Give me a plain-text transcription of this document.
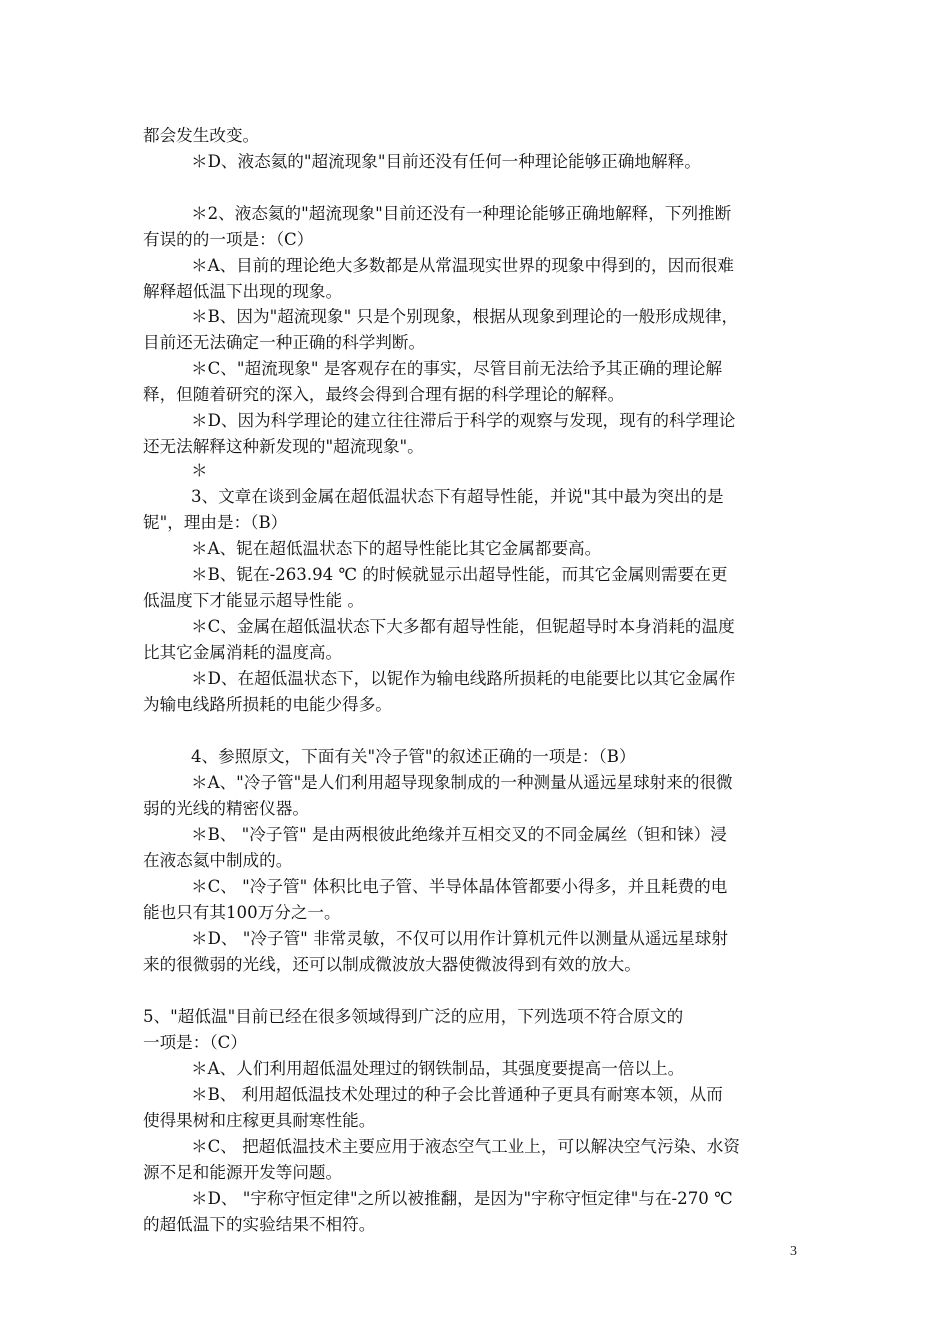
都会发生改变。
＊D、液态氦的"超流现象"目前还没有任何一种理论能够正确地解释。
＊2、液态氦的"超流现象"目前还没有一种理论能够正确地解释，下列推断
有误的的一项是：（C）
＊A、目前的理论绝大多数都是从常温现实世界的现象中得到的，因而很难
解释超低温下出现的现象。
＊B、因为"超流现象" 只是个别现象，根据从现象到理论的一般形成规律，
目前还无法确定一种正确的科学判断。
＊C、"超流现象" 是客观存在的事实，尽管目前无法给予其正确的理论解
释，但随着研究的深入，最终会得到合理有据的科学理论的解释。
＊D、因为科学理论的建立往往滞后于科学的观察与发现，现有的科学理论
还无法解释这种新发现的"超流现象"。
＊
3、文章在谈到金属在超低温状态下有超导性能，并说"其中最为突出的是
铌"，理由是：（B）
＊A、铌在超低温状态下的超导性能比其它金属都要高。
＊B、铌在-263.94 ℃ 的时候就显示出超导性能，而其它金属则需要在更
低温度下才能显示超导性能 。
＊C、金属在超低温状态下大多都有超导性能，但铌超导时本身消耗的温度
比其它金属消耗的温度高。
＊D、在超低温状态下，以铌作为输电线路所损耗的电能要比以其它金属作
为输电线路所损耗的电能少得多。
4、参照原文，下面有关"冷子管"的叙述正确的一项是：（B）
＊A、"冷子管"是人们利用超导现象制成的一种测量从遥远星球射来的很微
弱的光线的精密仪器。
＊B、 "冷子管" 是由两根彼此绝缘并互相交叉的不同金属丝（钽和铼）浸
在液态氦中制成的。
＊C、 "冷子管" 体积比电子管、半导体晶体管都要小得多，并且耗费的电
能也只有其100万分之一。
＊D、 "冷子管" 非常灵敏，不仅可以用作计算机元件以测量从遥远星球射
来的很微弱的光线，还可以制成微波放大器使微波得到有效的放大。
5、"超低温"目前已经在很多领域得到广泛的应用，下列选项不符合原文的
一项是：（C）
＊A、人们利用超低温处理过的钢铁制品，其强度要提高一倍以上。
＊B、 利用超低温技术处理过的种子会比普通种子更具有耐寒本领，从而
使得果树和庄稼更具耐寒性能。
＊C、 把超低温技术主要应用于液态空气工业上，可以解决空气污染、水资
源不足和能源开发等问题。
＊D、 "宇称守恒定律"之所以被推翻，是因为"宇称守恒定律"与在-270 ℃
的超低温下的实验结果不相符。
3
